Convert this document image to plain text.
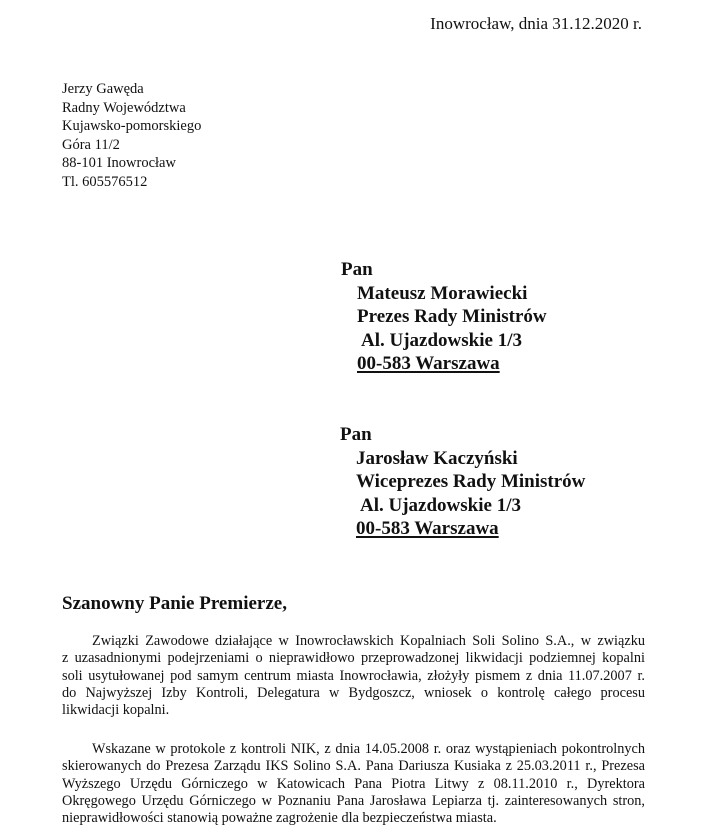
Inowrocław, dnia 31.12.2020 r.
Jerzy Gawęda
Radny Województwa
Kujawsko-pomorskiego
Góra 11/2
88-101 Inowrocław
Tl. 605576512
Pan
Mateusz Morawiecki
Prezes Rady Ministrów
Al. Ujazdowskie 1/3
00-583 Warszawa
Pan
Jarosław Kaczyński
Wiceprezes Rady Ministrów
Al. Ujazdowskie 1/3
00-583 Warszawa
Szanowny Panie Premierze,
Związki Zawodowe działające w Inowrocławskich Kopalniach Soli Solino S.A., w związku
z uzasadnionymi podejrzeniami o nieprawidłowo przeprowadzonej likwidacji podziemnej kopalni
soli usytułowanej pod samym centrum miasta Inowrocławia, złożyły pismem z dnia 11.07.2007 r.
do Najwyższej Izby Kontroli, Delegatura w Bydgoszcz, wniosek o kontrolę całego procesu
likwidacji kopalni.
Wskazane w protokole z kontroli NIK, z dnia 14.05.2008 r. oraz wystąpieniach pokontrolnych
skierowanych do Prezesa Zarządu IKS Solino S.A. Pana Dariusza Kusiaka z 25.03.2011 r., Prezesa
Wyższego Urzędu Górniczego w Katowicach Pana Piotra Litwy z 08.11.2010 r., Dyrektora
Okręgowego Urzędu Górniczego w Poznaniu Pana Jarosława Lepiarza tj. zainteresowanych stron,
nieprawidłowości stanowią poważne zagrożenie dla bezpieczeństwa miasta.
